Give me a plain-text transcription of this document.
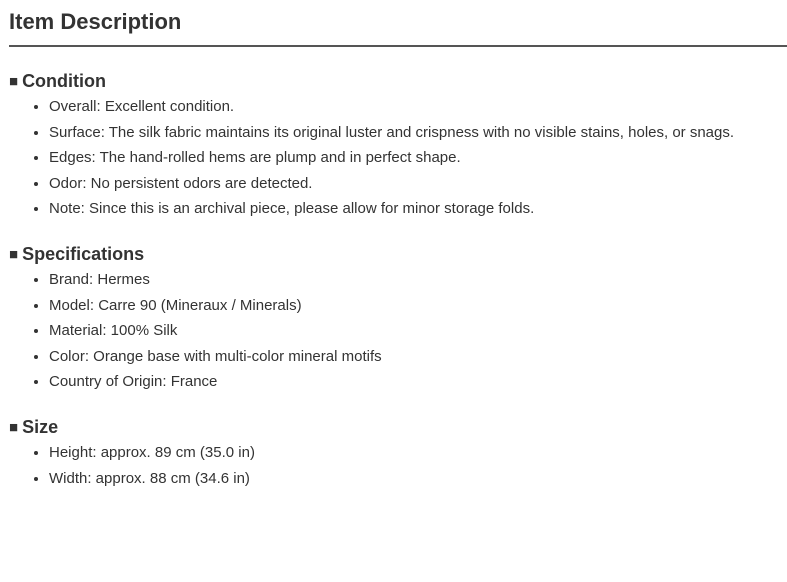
Item Description
■ Condition
• Overall: Excellent condition.
• Surface: The silk fabric maintains its original luster and crispness with no visible stains, holes, or snags.
• Edges: The hand-rolled hems are plump and in perfect shape.
• Odor: No persistent odors are detected.
• Note: Since this is an archival piece, please allow for minor storage folds.
■ Specifications
• Brand: Hermes
• Model: Carre 90 (Mineraux / Minerals)
• Material: 100% Silk
• Color: Orange base with multi-color mineral motifs
• Country of Origin: France
■ Size
• Height: approx. 89 cm (35.0 in)
• Width: approx. 88 cm (34.6 in)
